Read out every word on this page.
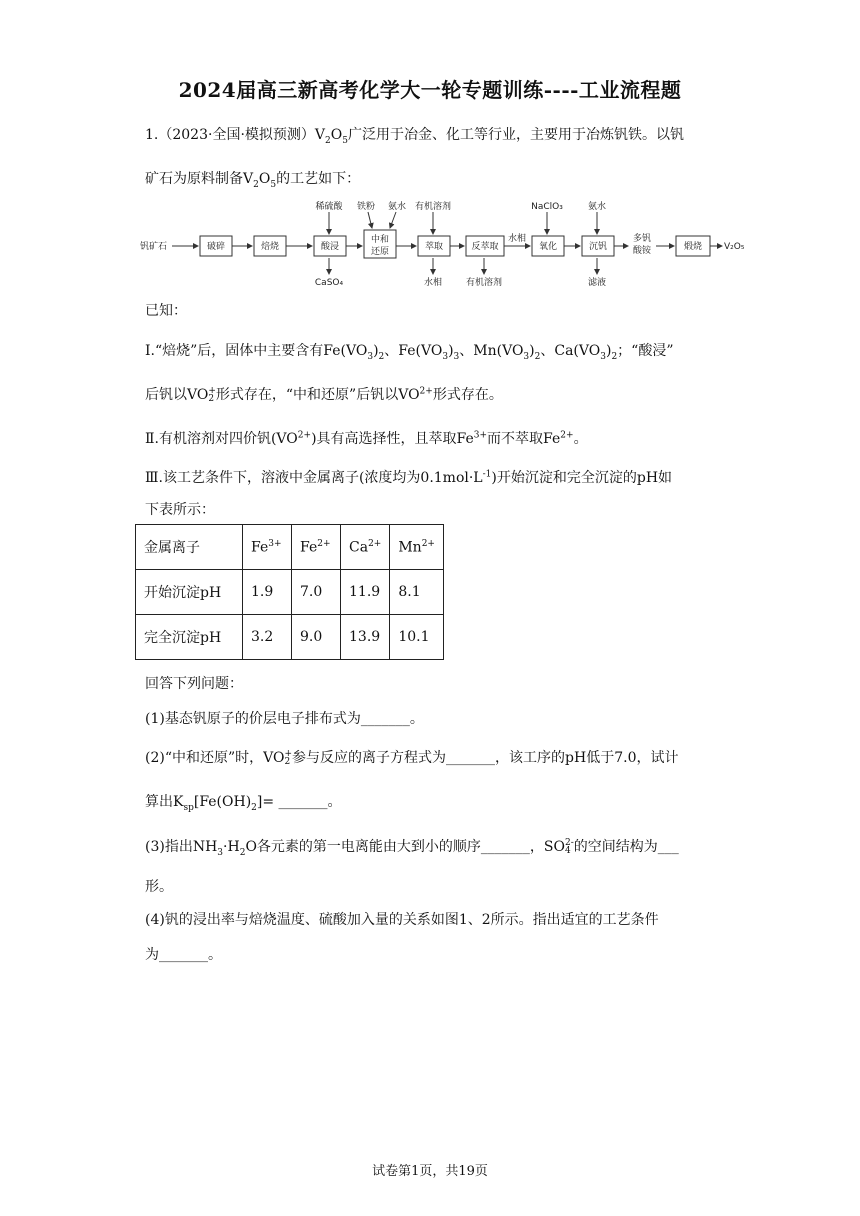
2024届高三新高考化学大一轮专题训练----工业流程题
1.（2023·全国·模拟预测）$V_2O_5$广泛用于冶金、化工等行业，主要用于冶炼钒铁。以钒
矿石为原料制备$V_2O_5$的工艺如下：
钒矿石	破碎	焙烧	酸浸
中和
还原	萃取	反萃取	氧化	沉钒	煅烧
稀硫酸 铁粉 氨水 有机溶剂	NaClO₃	氨水
CaSO₄	水相	有机溶剂	滤液
水相	多钒
酸铵	V₂O₅
已知：
I.“焙烧”后，固体中主要含有$Fe(VO_3)_2$、$Fe(VO_3)_3$、$Mn(VO_3)_2$、$Ca(VO_3)_2$；“酸浸”
后钒以VO +
2 形式存在，“中和还原”后钒以$VO^{2+}$形式存在。
Ⅱ.有机溶剂对四价钒$(VO^{2+})$具有高选择性，且萃取$Fe^{3+}$而不萃取$Fe^{2+}$。
Ⅲ.该工艺条件下，溶液中金属离子(浓度均为$0.1mol\cdot L^{-1}$)开始沉淀和完全沉淀的pH如
下表所示：
金属离子	$Fe^{3+}$	$Fe^{2+}$	$Ca^{2+}$	$Mn^{2+}$
开始沉淀pH	1.9	7.0	11.9	8.1
完全沉淀pH	3.2	9.0	13.9	10.1
回答下列问题：
(1)基态钒原子的价层电子排布式为_______。
(2)“中和还原”时，VO +
2 参与反应的离子方程式为_______，该工序的pH低于7.0，试计
算出$K_{sp}[Fe(OH)_2]=$ _______。
(3)指出$NH_3\cdot H_2O$各元素的第一电离能由大到小的顺序_______，SO 2-
4 的空间结构为___
形。
(4)钒的浸出率与焙烧温度、硫酸加入量的关系如图1、2所示。指出适宜的工艺条件
为_______。
试卷第1页，共19页
